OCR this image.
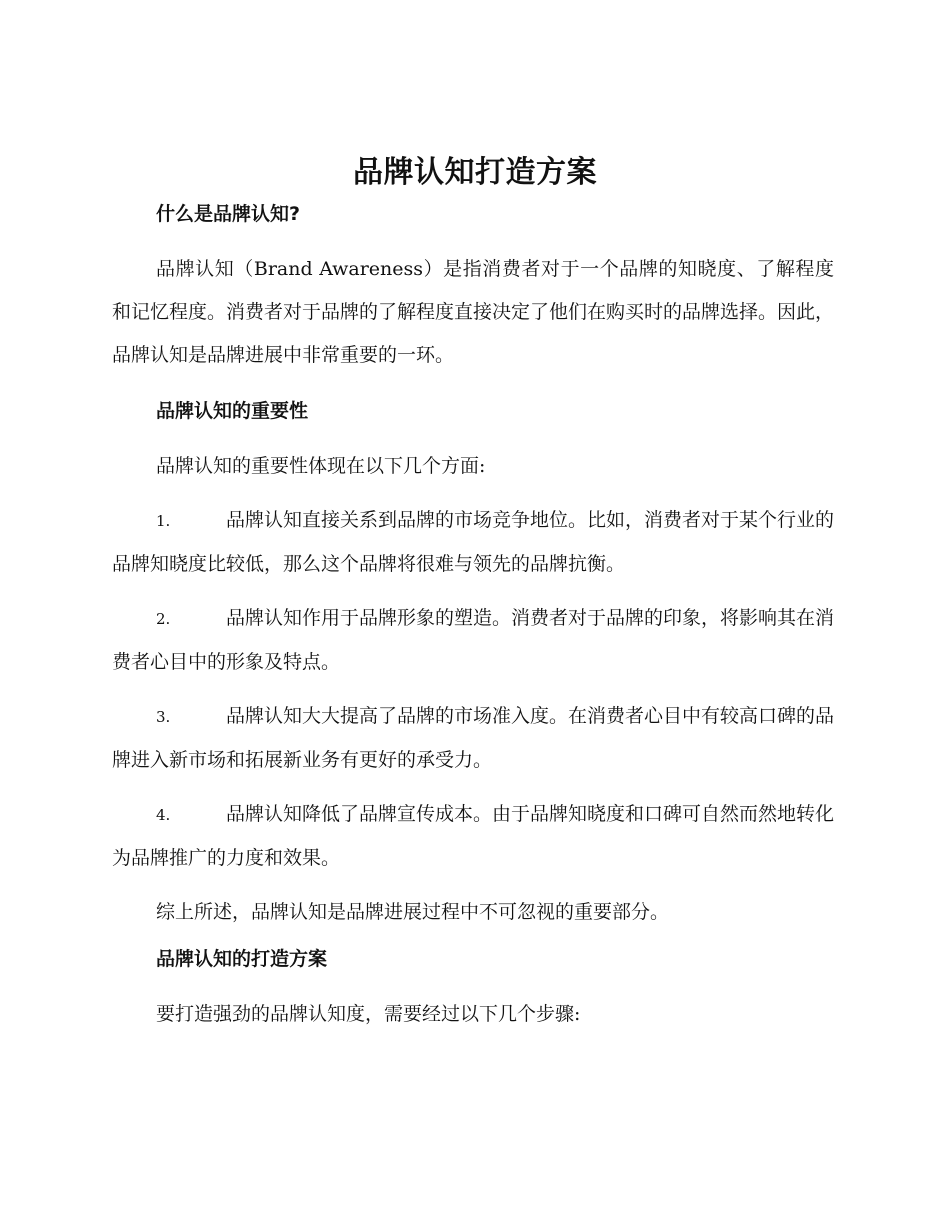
品牌认知打造方案
什么是品牌认知?

品牌认知（Brand Awareness）是指消费者对于一个品牌的知晓度、了解程度和记忆程度。消费者对于品牌的了解程度直接决定了他们在购买时的品牌选择。因此，品牌认知是品牌进展中非常重要的一环。

品牌认知的重要性

品牌认知的重要性体现在以下几个方面:

1.	品牌认知直接关系到品牌的市场竞争地位。比如，消费者对于某个行业的品牌知晓度比较低，那么这个品牌将很难与领先的品牌抗衡。

2.	品牌认知作用于品牌形象的塑造。消费者对于品牌的印象，将影响其在消费者心目中的形象及特点。

3.	品牌认知大大提高了品牌的市场准入度。在消费者心目中有较高口碑的品牌进入新市场和拓展新业务有更好的承受力。

4.	品牌认知降低了品牌宣传成本。由于品牌知晓度和口碑可自然而然地转化为品牌推广的力度和效果。

综上所述，品牌认知是品牌进展过程中不可忽视的重要部分。

品牌认知的打造方案

要打造强劲的品牌认知度，需要经过以下几个步骤:
